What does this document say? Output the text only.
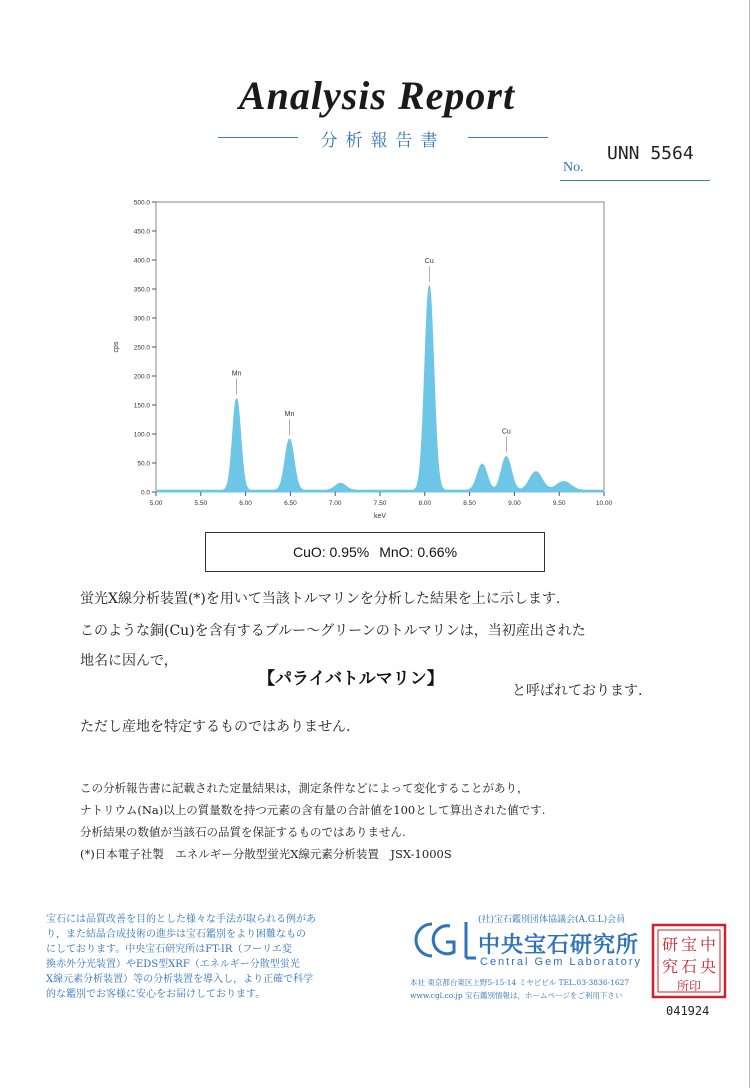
Analysis Report
分析報告書
UNN 5564
No.
0.0
50.0
100.0
150.0
200.0
250.0
300.0
350.0
400.0
450.0
500.0
5.00	5.50	6.00	6.50	7.00	7.50	8.00	8.50	9.00	9.50	10.00
keV
cps
Mn
Mn
Cu
Cu
CuO: 0.95% MnO: 0.66%
蛍光X線分析装置(*)を用いて当該トルマリンを分析した結果を上に示します.
このような銅(Cu)を含有するブルー〜グリーンのトルマリンは，当初産出された
地名に因んで，
【パライバトルマリン】
と呼ばれております.
ただし産地を特定するものではありません.
この分析報告書に記載された定量結果は，測定条件などによって変化することがあり，
ナトリウム(Na)以上の質量数を持つ元素の含有量の合計値を100として算出された値です.
分析結果の数値が当該石の品質を保証するものではありません.
(*)日本電子社製　エネルギー分散型蛍光X線元素分析装置　JSX-1000S
宝石には品質改善を目的とした様々な手法が取られる例があ
り，また結晶合成技術の進歩は宝石鑑別をより困難なもの
にしております。中央宝石研究所はFT-IR（フーリエ変
換赤外分光装置）やEDS型XRF（エネルギー分散型蛍光
X線元素分析装置）等の分析装置を導入し，より正確で科学
的な鑑別でお客様に安心をお届けしております。
(社)宝石鑑別団体協議会(A.G.L)会員
中央宝石研究所
Central Gem Laboratory
本社 東京都台東区上野5-15-14 ミヤビビル TEL.03-3836-1627
www.cgl.co.jp 宝石鑑別情報は，ホームページをご利用下さい
中
央
宝
石
研
究
所印
041924
